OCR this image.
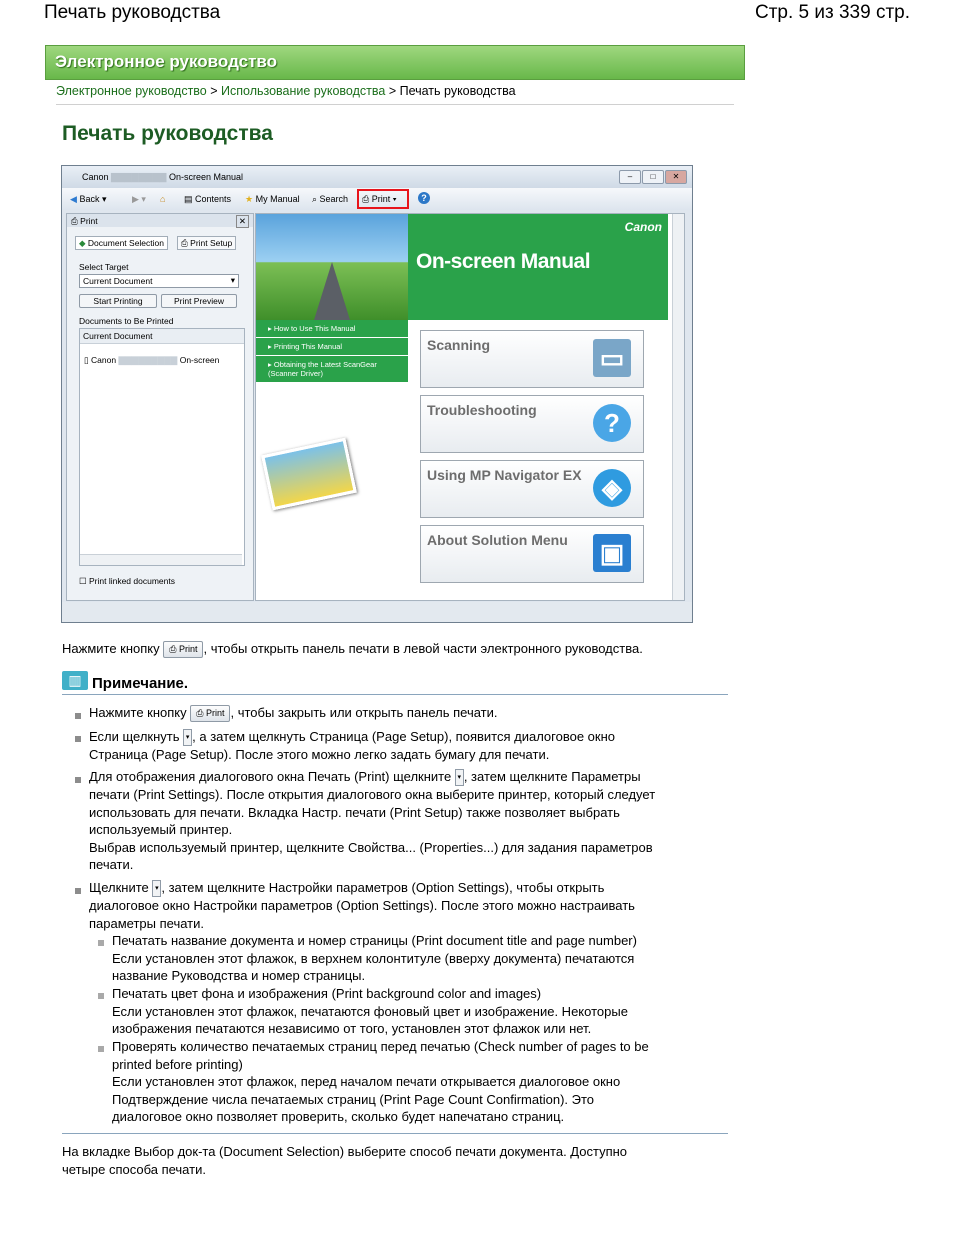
Печать руководства	Стр. 5 из 339 стр.
Электронное руководство
Электронное руководство > Использование руководства > Печать руководства
Печать руководства
Canon ▇▇▇▇▇▇▇▇ On-screen Manual	–	□	✕
◀ Back ▾	▶ ▾ ⌂ ▤ Contents ★ My Manual ⌕ Search ⎙ Print ▾	?
⎙ Print	✕
◆ Document Selection	⎙ Print Setup
Select Target
Current Document	▾
Start Printing	Print Preview
Documents to Be Printed
Current Document
▯ Canon ▇▇▇▇▇▇▇▇▇ On-screen
☐ Print linked documents
Canon
On-screen Manual
▸ How to Use This Manual
▸ Printing This Manual
▸ Obtaining the Latest ScanGear (Scanner Driver)
Scanning	▭
Troubleshooting	?
Using MP Navigator EX ◈
About Solution Menu ▣
Нажмите кнопку ⎙ Print , чтобы открыть панель печати в левой части электронного руководства.
▥ Примечание.
Нажмите кнопку ⎙ Print , чтобы закрыть или открыть панель печати.
Если щелкнуть ▾ , а затем щелкнуть Страница (Page Setup), появится диалоговое окно
Страница (Page Setup). После этого можно легко задать бумагу для печати.
Для отображения диалогового окна Печать (Print) щелкните ▾ , затем щелкните Параметры
печати (Print Settings). После открытия диалогового окна выберите принтер, который следует
использовать для печати. Вкладка Настр. печати (Print Setup) также позволяет выбрать
используемый принтер.
Выбрав используемый принтер, щелкните Свойства... (Properties...) для задания параметров
печати.
Щелкните ▾ , затем щелкните Настройки параметров (Option Settings), чтобы открыть
диалоговое окно Настройки параметров (Option Settings). После этого можно настраивать
параметры печати.
Печатать название документа и номер страницы (Print document title and page number)
Если установлен этот флажок, в верхнем колонтитуле (вверху документа) печатаются
название Руководства и номер страницы.
Печатать цвет фона и изображения (Print background color and images)
Если установлен этот флажок, печатаются фоновый цвет и изображение. Некоторые
изображения печатаются независимо от того, установлен этот флажок или нет.
Проверять количество печатаемых страниц перед печатью (Check number of pages to be
printed before printing)
Если установлен этот флажок, перед началом печати открывается диалоговое окно
Подтверждение числа печатаемых страниц (Print Page Count Confirmation). Это
диалоговое окно позволяет проверить, сколько будет напечатано страниц.
На вкладке Выбор док-та (Document Selection) выберите способ печати документа. Доступно
четыре способа печати.
